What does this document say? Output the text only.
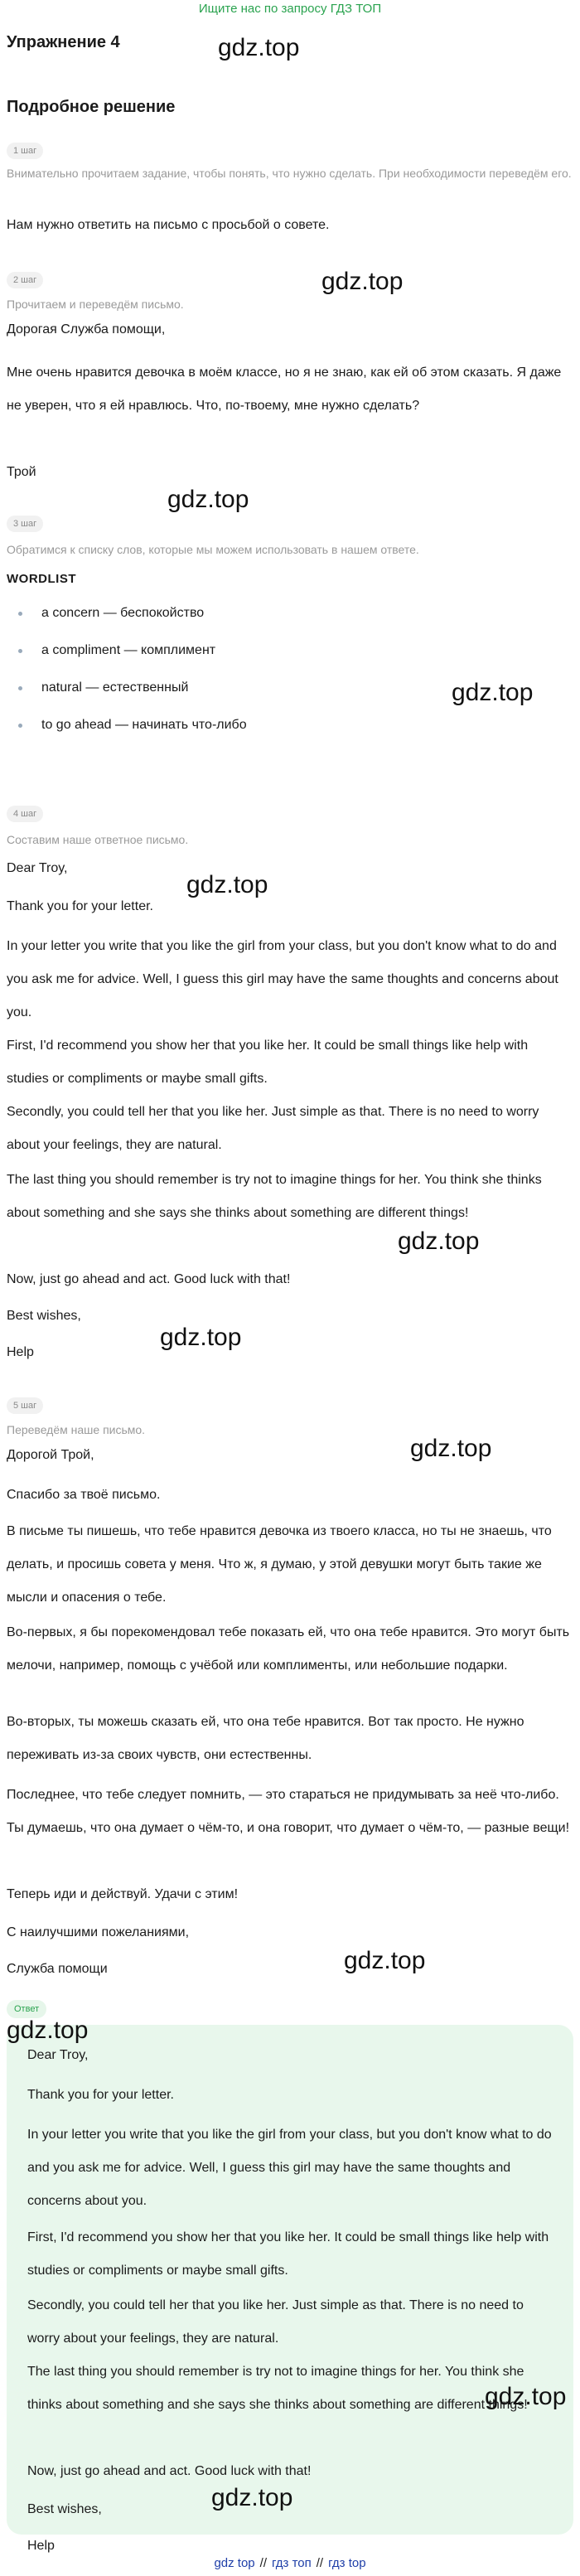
Ищите нас по запросу ГДЗ ТОП
Упражнение 4	gdz.top
Подробное решение
1 шаг
Внимательно прочитаем задание, чтобы понять, что нужно сделать. При необходимости переведём его.
Нам нужно ответить на письмо с просьбой о совете.
2 шаг	gdz.top
Прочитаем и переведём письмо.
Дорогая Служба помощи,
Мне очень нравится девочка в моём классе, но я не знаю, как ей об этом сказать. Я даже не уверен, что я ей нравлюсь. Что, по-твоему, мне нужно сделать?
Трой
gdz.top
3 шаг
Обратимся к списку слов, которые мы можем использовать в нашем ответе.
WORDLIST
a concern — беспокойство
a compliment — комплимент
natural — естественный
to go ahead — начинать что-либо
gdz.top
4 шаг
Составим наше ответное письмо.
Dear Troy,
gdz.top
Thank you for your letter.
In your letter you write that you like the girl from your class, but you don't know what to do and you ask me for advice. Well, I guess this girl may have the same thoughts and concerns about you.
First, I'd recommend you show her that you like her. It could be small things like help with studies or compliments or maybe small gifts.
Secondly, you could tell her that you like her. Just simple as that. There is no need to worry about your feelings, they are natural.
The last thing you should remember is try not to imagine things for her. You think she thinks about something and she says she thinks about something are different things!
gdz.top
Now, just go ahead and act. Good luck with that!
Best wishes,
gdz.top
Help
5 шаг
Переведём наше письмо.
gdz.top
Дорогой Трой,
Спасибо за твоё письмо.
В письме ты пишешь, что тебе нравится девочка из твоего класса, но ты не знаешь, что делать, и просишь совета у меня. Что ж, я думаю, у этой девушки могут быть такие же мысли и опасения о тебе.
Во-первых, я бы порекомендовал тебе показать ей, что она тебе нравится. Это могут быть мелочи, например, помощь с учёбой или комплименты, или небольшие подарки.
Во-вторых, ты можешь сказать ей, что она тебе нравится. Вот так просто. Не нужно переживать из-за своих чувств, они естественны.
Последнее, что тебе следует помнить, — это стараться не придумывать за неё что-либо. Ты думаешь, что она думает о чём-то, и она говорит, что думает о чём-то, — разные вещи!
Теперь иди и действуй. Удачи с этим!
С наилучшими пожеланиями,
gdz.top
Служба помощи
Ответ
gdz.top
Dear Troy,
Thank you for your letter.
In your letter you write that you like the girl from your class, but you don't know what to do and you ask me for advice. Well, I guess this girl may have the same thoughts and concerns about you.
First, I'd recommend you show her that you like her. It could be small things like help with studies or compliments or maybe small gifts.
Secondly, you could tell her that you like her. Just simple as that. There is no need to worry about your feelings, they are natural.
The last thing you should remember is try not to imagine things for her. You think she thinks about something and she says she thinks about something are different things!
gdz.top
Now, just go ahead and act. Good luck with that!
Best wishes,	gdz.top
Help
gdz top // гдз топ // гдз top
